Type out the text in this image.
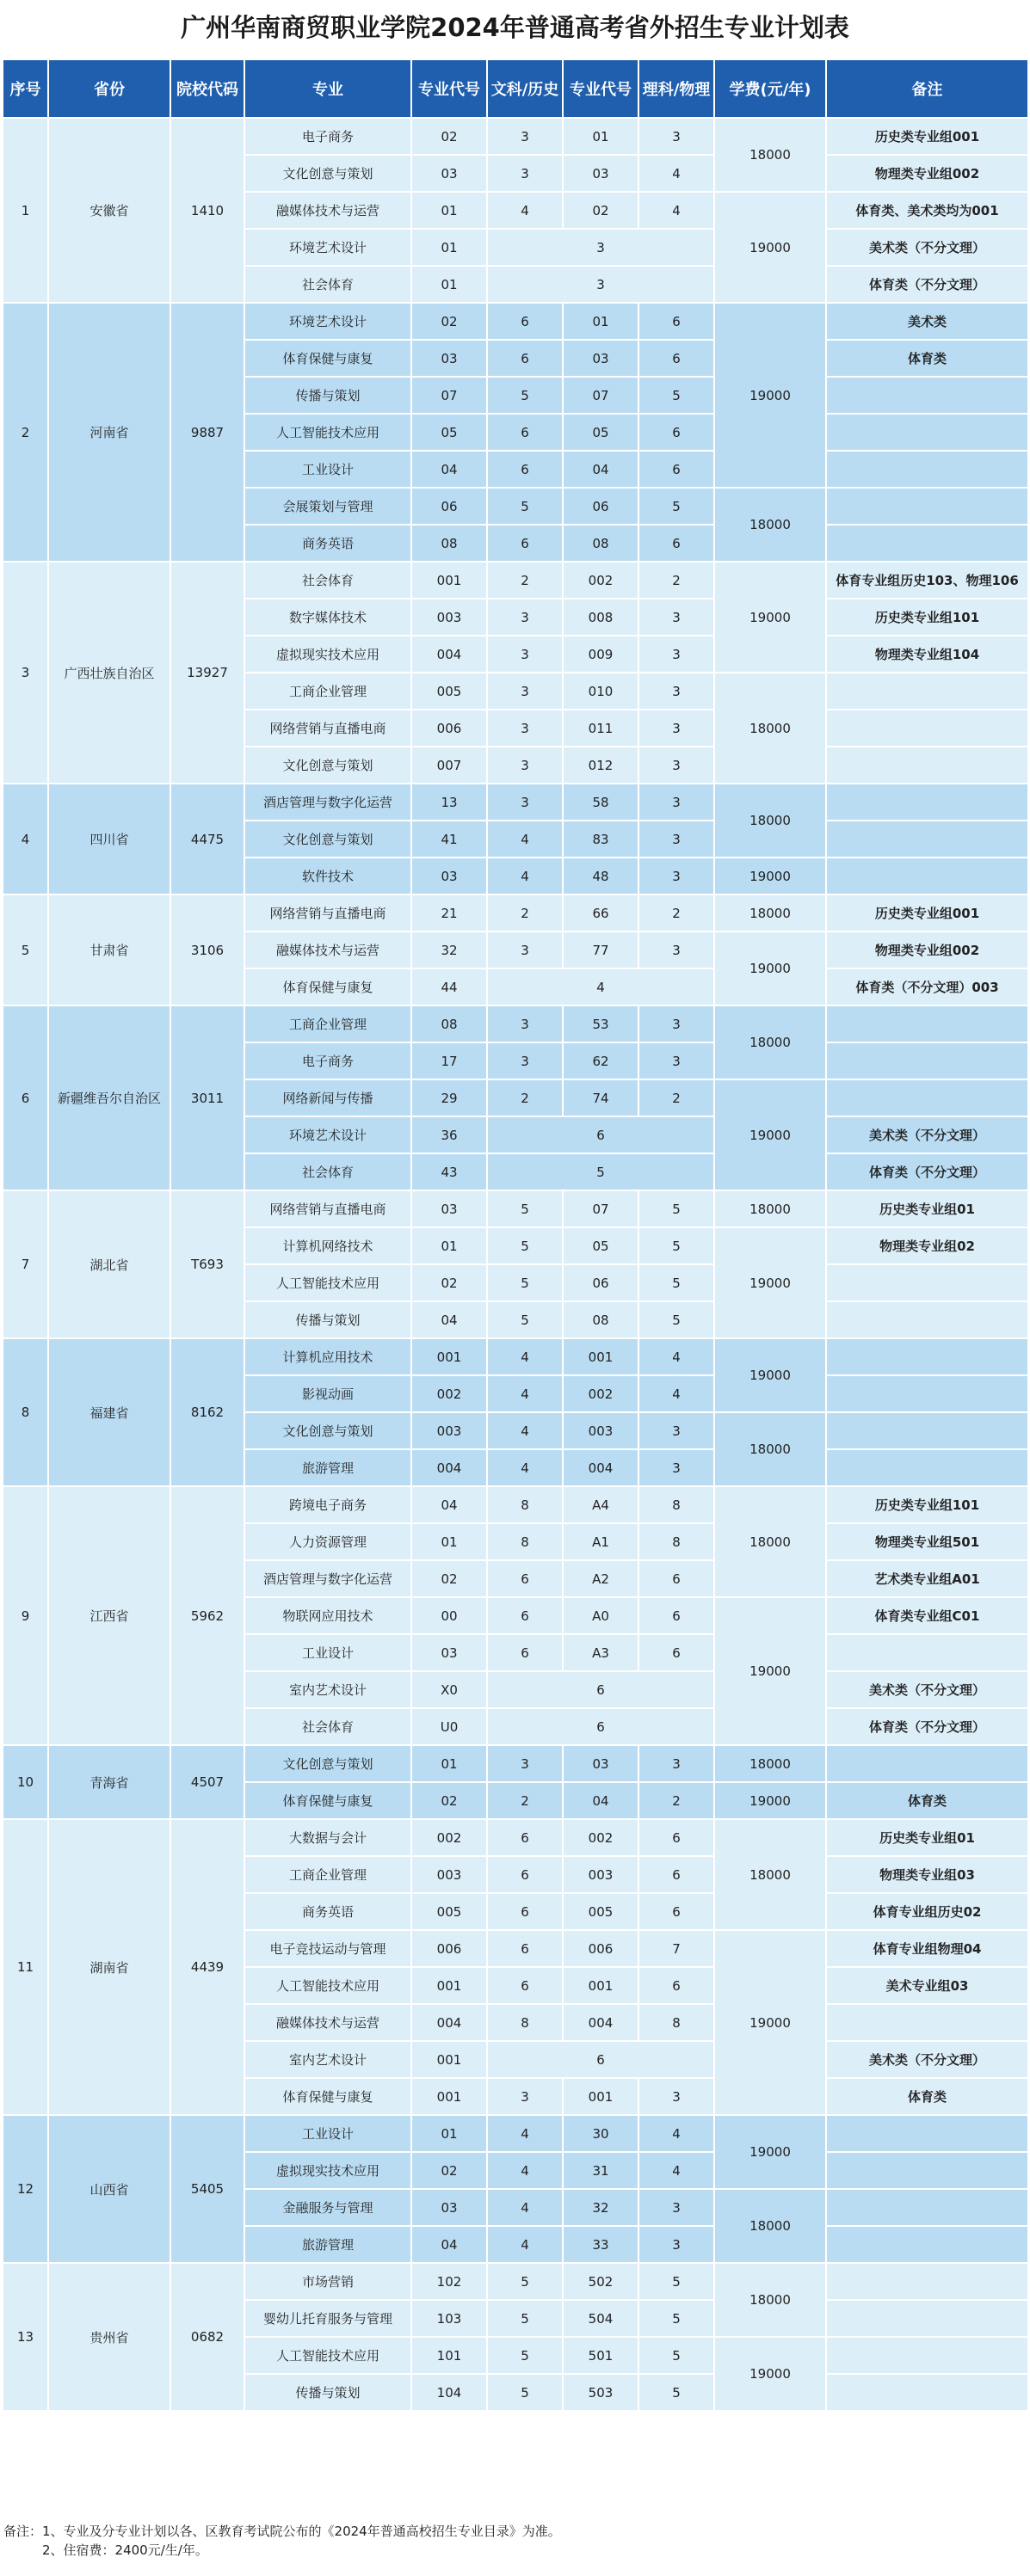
广州华南商贸职业学院2024年普通高考省外招生专业计划表
序号	省份	院校代码	专业	专业代号	文科/历史	专业代号	理科/物理	学费(元/年)	备注
1	安徽省	1410	电子商务	02	3	01	3	18000	历史类专业组001
			文化创意与策划	03	3	03	4		物理类专业组002
			融媒体技术与运营	01	4	02	4	19000	体育类、美术类均为001
			环境艺术设计	01	3				美术类（不分文理）
			社会体育	01	3				体育类（不分文理）
2	河南省	9887	环境艺术设计	02	6	01	6	19000	美术类
			体育保健与康复	03	6	03	6		体育类
			传播与策划	07	5	07	5		
			人工智能技术应用	05	6	05	6		
			工业设计	04	6	04	6		
			会展策划与管理	06	5	06	5	18000	
			商务英语	08	6	08	6		
3	广西壮族自治区	13927	社会体育	001	2	002	2	19000	体育专业组历史103、物理106
			数字媒体技术	003	3	008	3		历史类专业组101
			虚拟现实技术应用	004	3	009	3		物理类专业组104
			工商企业管理	005	3	010	3	18000	
			网络营销与直播电商	006	3	011	3		
			文化创意与策划	007	3	012	3		
4	四川省	4475	酒店管理与数字化运营	13	3	58	3	18000	
			文化创意与策划	41	4	83	3		
			软件技术	03	4	48	3	19000	
5	甘肃省	3106	网络营销与直播电商	21	2	66	2	18000	历史类专业组001
			融媒体技术与运营	32	3	77	3	19000	物理类专业组002
			体育保健与康复	44	4				体育类（不分文理）003
6	新疆维吾尔自治区	3011	工商企业管理	08	3	53	3	18000	
			电子商务	17	3	62	3		
			网络新闻与传播	29	2	74	2	19000	
			环境艺术设计	36	6				美术类（不分文理）
			社会体育	43	5				体育类（不分文理）
7	湖北省	T693	网络营销与直播电商	03	5	07	5	18000	历史类专业组01
			计算机网络技术	01	5	05	5	19000	物理类专业组02
			人工智能技术应用	02	5	06	5		
			传播与策划	04	5	08	5		
8	福建省	8162	计算机应用技术	001	4	001	4	19000	
			影视动画	002	4	002	4		
			文化创意与策划	003	4	003	3	18000	
			旅游管理	004	4	004	3		
9	江西省	5962	跨境电子商务	04	8	A4	8	18000	历史类专业组101
			人力资源管理	01	8	A1	8		物理类专业组501
			酒店管理与数字化运营	02	6	A2	6		艺术类专业组A01
			物联网应用技术	00	6	A0	6	19000	体育类专业组C01
			工业设计	03	6	A3	6		
			室内艺术设计	X0	6				美术类（不分文理）
			社会体育	U0	6				体育类（不分文理）
10	青海省	4507	文化创意与策划	01	3	03	3	18000	
			体育保健与康复	02	2	04	2	19000	体育类
11	湖南省	4439	大数据与会计	002	6	002	6	18000	历史类专业组01
			工商企业管理	003	6	003	6		物理类专业组03
			商务英语	005	6	005	6		体育专业组历史02
			电子竞技运动与管理	006	6	006	7	19000	体育专业组物理04
			人工智能技术应用	001	6	001	6		美术专业组03
			融媒体技术与运营	004	8	004	8		
			室内艺术设计	001	6				美术类（不分文理）
			体育保健与康复	001	3	001	3		体育类
12	山西省	5405	工业设计	01	4	30	4	19000	
			虚拟现实技术应用	02	4	31	4		
			金融服务与管理	03	4	32	3	18000	
			旅游管理	04	4	33	3		
13	贵州省	0682	市场营销	102	5	502	5	18000	
			婴幼儿托育服务与管理	103	5	504	5		
			人工智能技术应用	101	5	501	5	19000	
			传播与策划	104	5	503	5		
备注：1、专业及分专业计划以各、区教育考试院公布的《2024年普通高校招生专业目录》为准。
2、住宿费：2400元/生/年。
